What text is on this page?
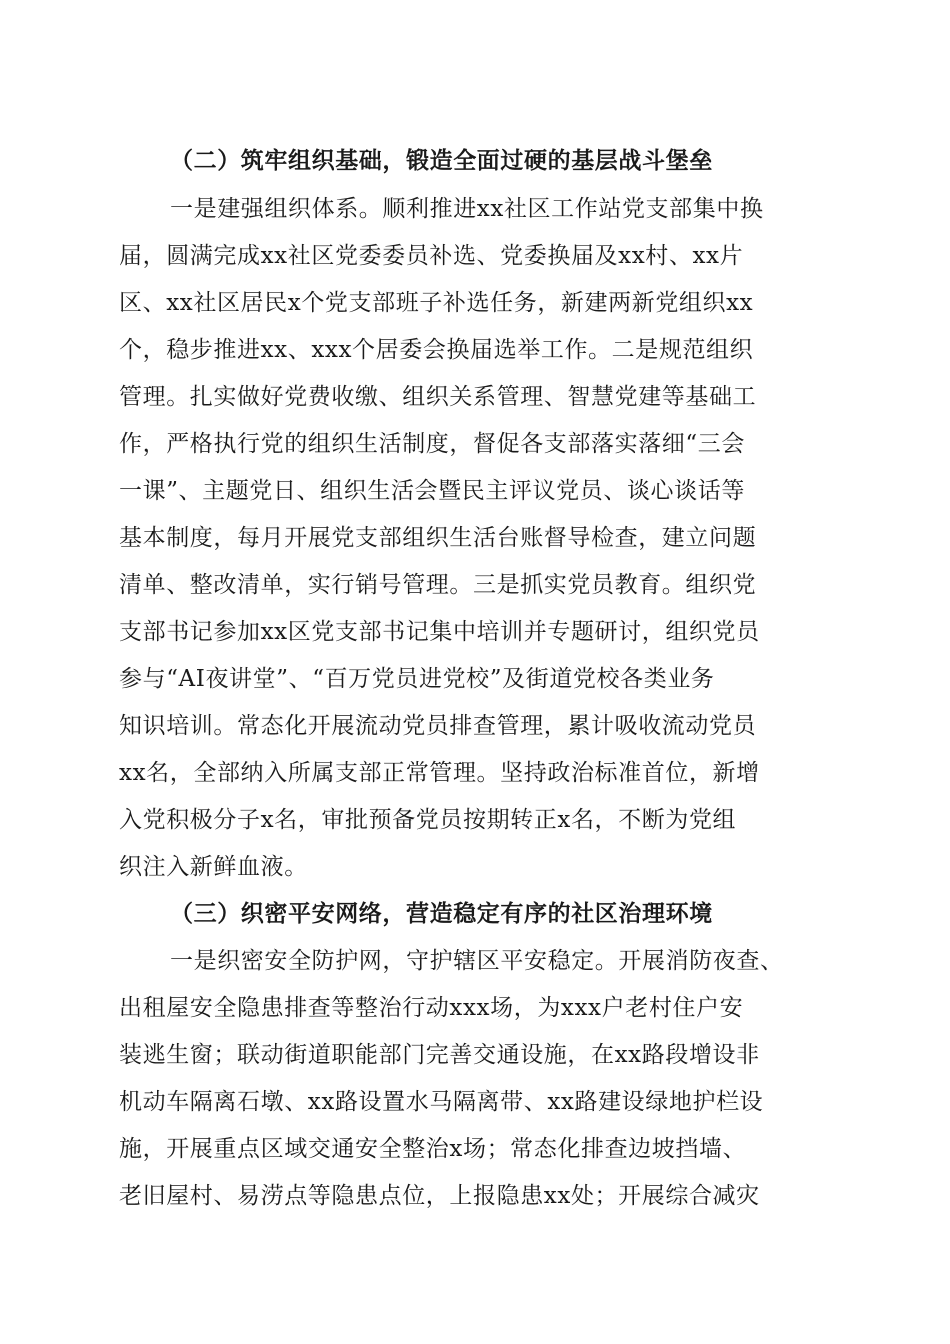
（二）筑牢组织基础，锻造全面过硬的基层战斗堡垒
一是建强组织体系。顺利推进xx社区工作站党支部集中换
届，圆满完成xx社区党委委员补选、党委换届及xx村、xx片
区、xx社区居民x个党支部班子补选任务，新建两新党组织xx
个，稳步推进xx、xxx个居委会换届选举工作。二是规范组织
管理。扎实做好党费收缴、组织关系管理、智慧党建等基础工
作，严格执行党的组织生活制度，督促各支部落实落细“三会
一课”、主题党日、组织生活会暨民主评议党员、谈心谈话等
基本制度，每月开展党支部组织生活台账督导检查，建立问题
清单、整改清单，实行销号管理。三是抓实党员教育。组织党
支部书记参加xx区党支部书记集中培训并专题研讨，组织党员
参与“AI夜讲堂”、“百万党员进党校”及街道党校各类业务
知识培训。常态化开展流动党员排查管理，累计吸收流动党员
xx名，全部纳入所属支部正常管理。坚持政治标准首位，新增
入党积极分子x名，审批预备党员按期转正x名，不断为党组
织注入新鲜血液。
（三）织密平安网络，营造稳定有序的社区治理环境
一是织密安全防护网，守护辖区平安稳定。开展消防夜查、
出租屋安全隐患排查等整治行动xxx场，为xxx户老村住户安
装逃生窗；联动街道职能部门完善交通设施，在xx路段增设非
机动车隔离石墩、xx路设置水马隔离带、xx路建设绿地护栏设
施，开展重点区域交通安全整治x场；常态化排查边坡挡墙、
老旧屋村、易涝点等隐患点位，上报隐患xx处；开展综合减灾
